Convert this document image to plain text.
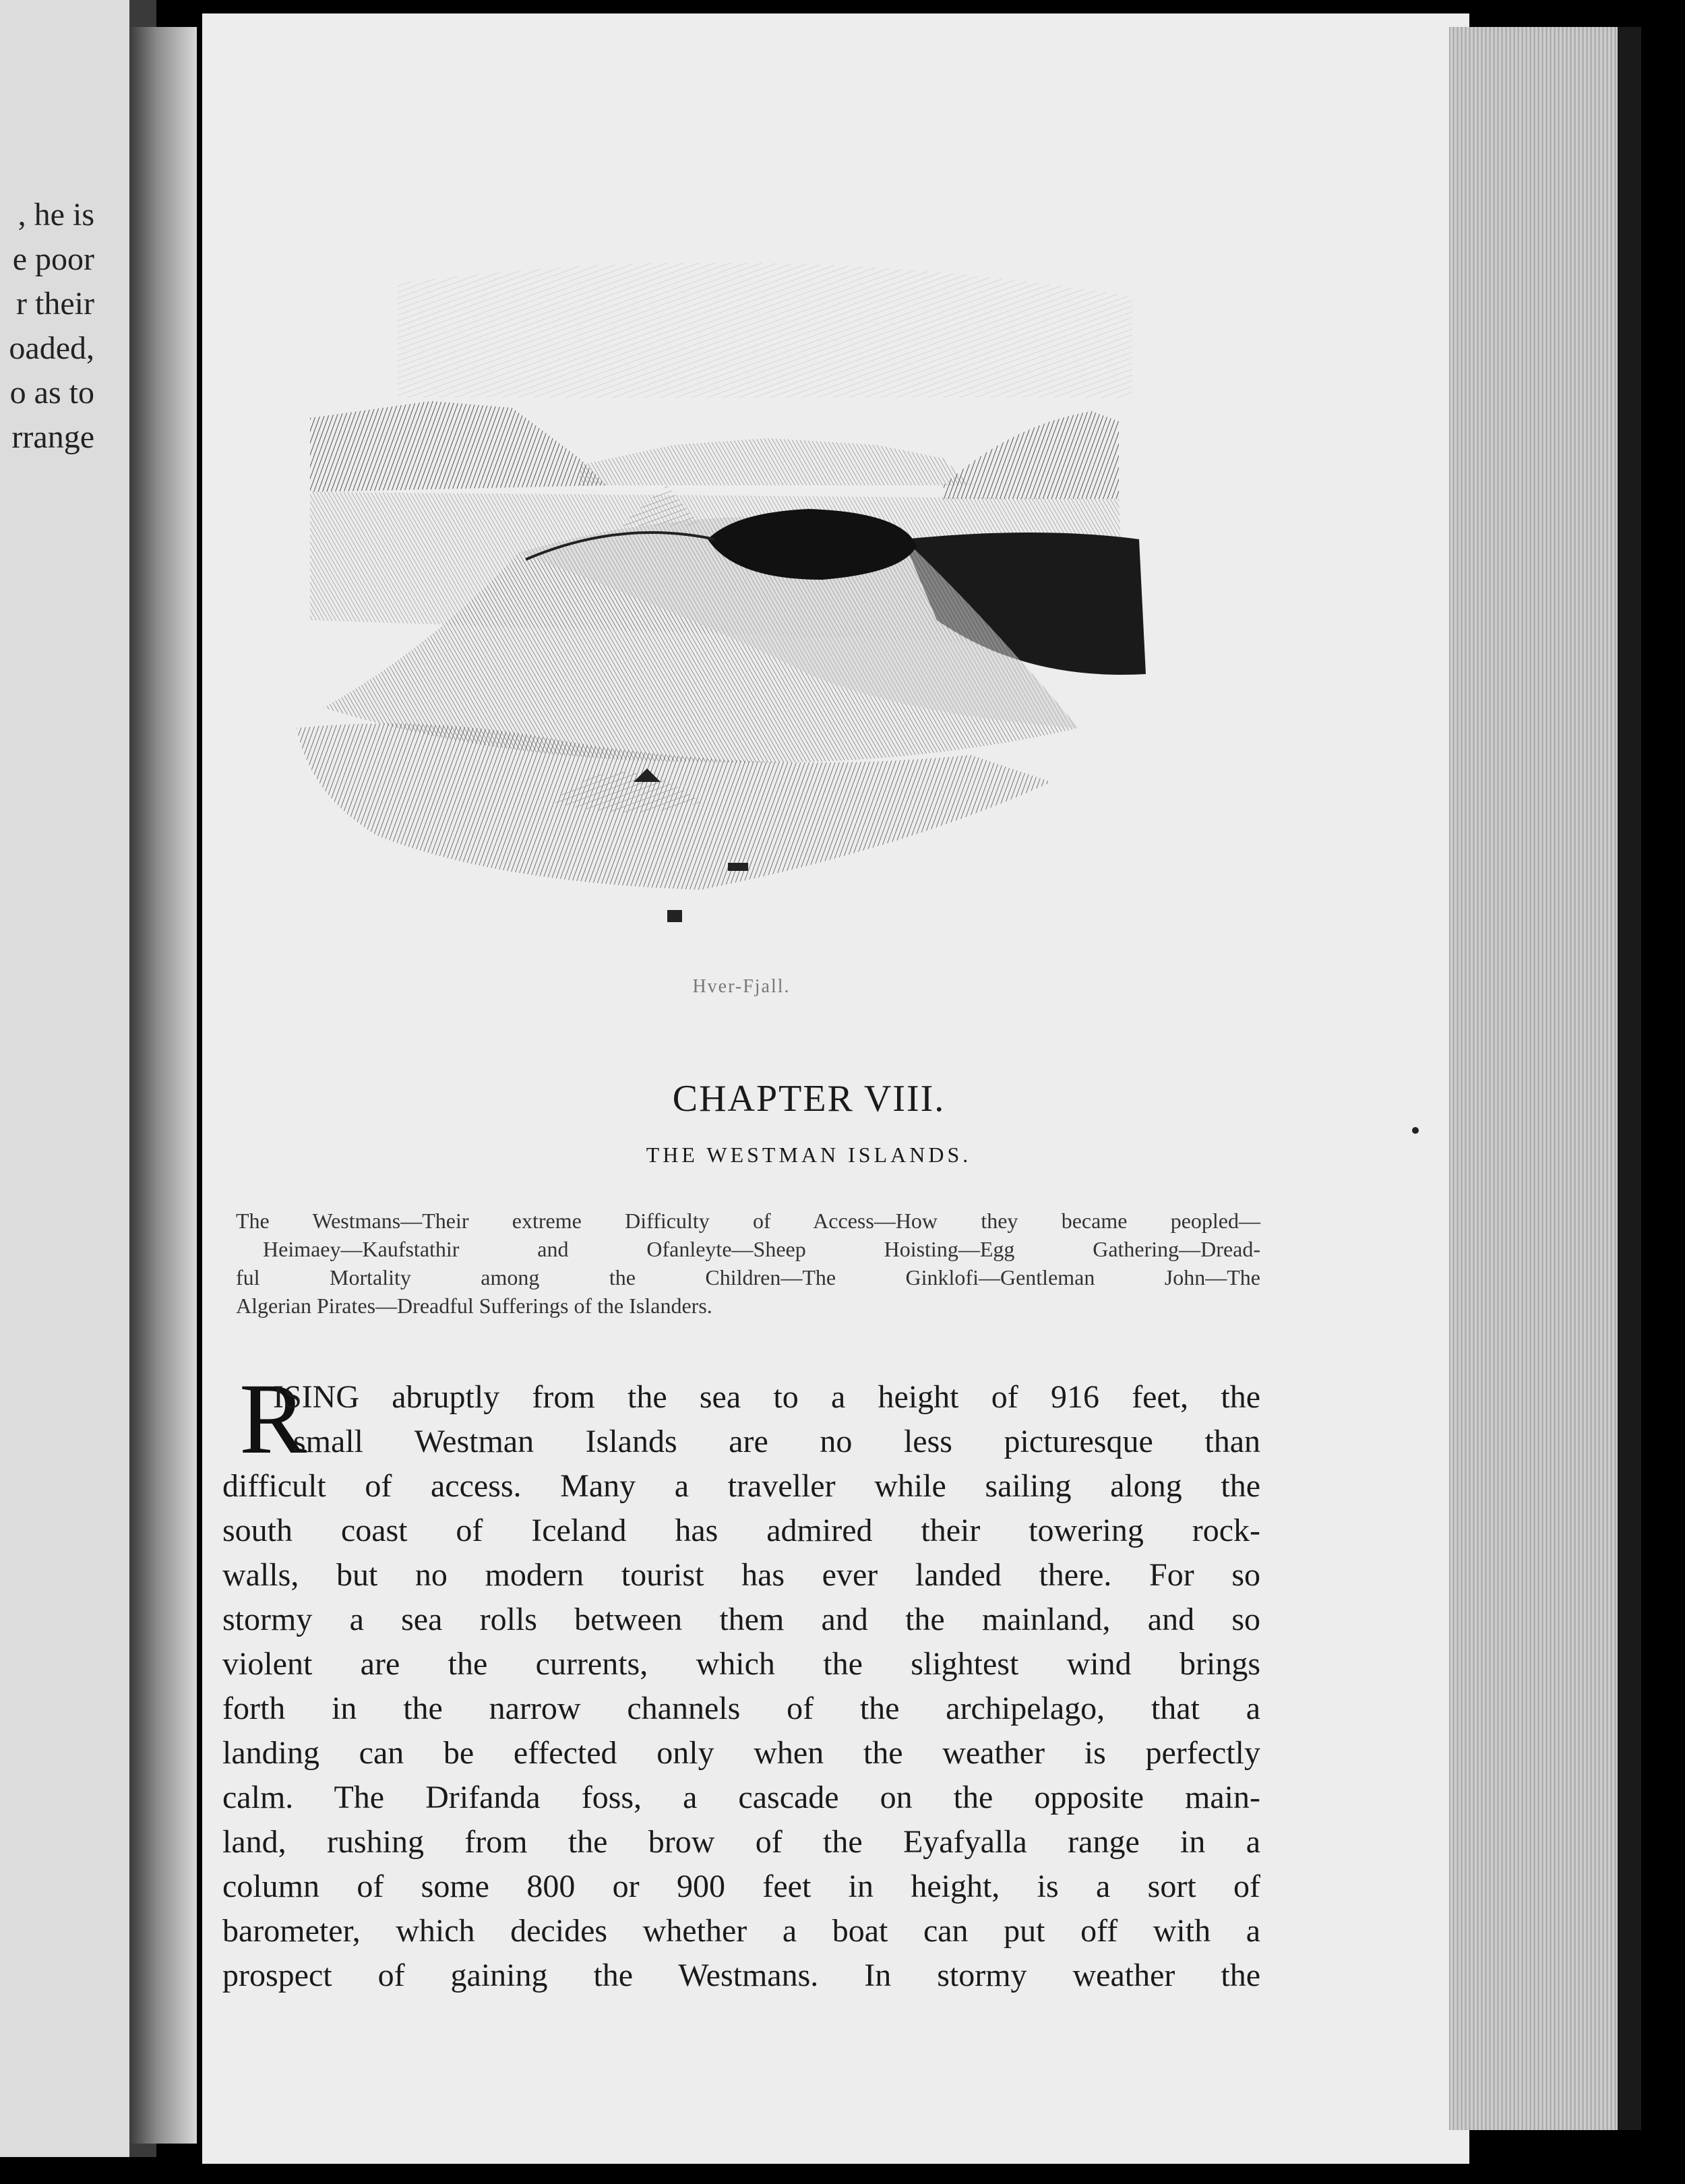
, he is
e poor
r their
oaded,
o as to
rrange
Hver-Fjall.
CHAPTER VIII.
THE WESTMAN ISLANDS.
The Westmans—Their extreme Difficulty of Access—How they became peopled—
Heimaey—Kaufstathir and Ofanleyte—Sheep Hoisting—Egg Gathering—Dread-
ful Mortality among the Children—The Ginklofi—Gentleman John—The
Algerian Pirates—Dreadful Sufferings of the Islanders.
R
ISING abruptly from the sea to a height of 916 feet, the
small Westman Islands are no less picturesque than
difficult of access. Many a traveller while sailing along the
south coast of Iceland has admired their towering rock-
walls, but no modern tourist has ever landed there. For so
stormy a sea rolls between them and the mainland, and so
violent are the currents, which the slightest wind brings
forth in the narrow channels of the archipelago, that a
landing can be effected only when the weather is perfectly
calm. The Drifanda foss, a cascade on the opposite main-
land, rushing from the brow of the Eyafyalla range in a
column of some 800 or 900 feet in height, is a sort of
barometer, which decides whether a boat can put off with a
prospect of gaining the Westmans. In stormy weather the
